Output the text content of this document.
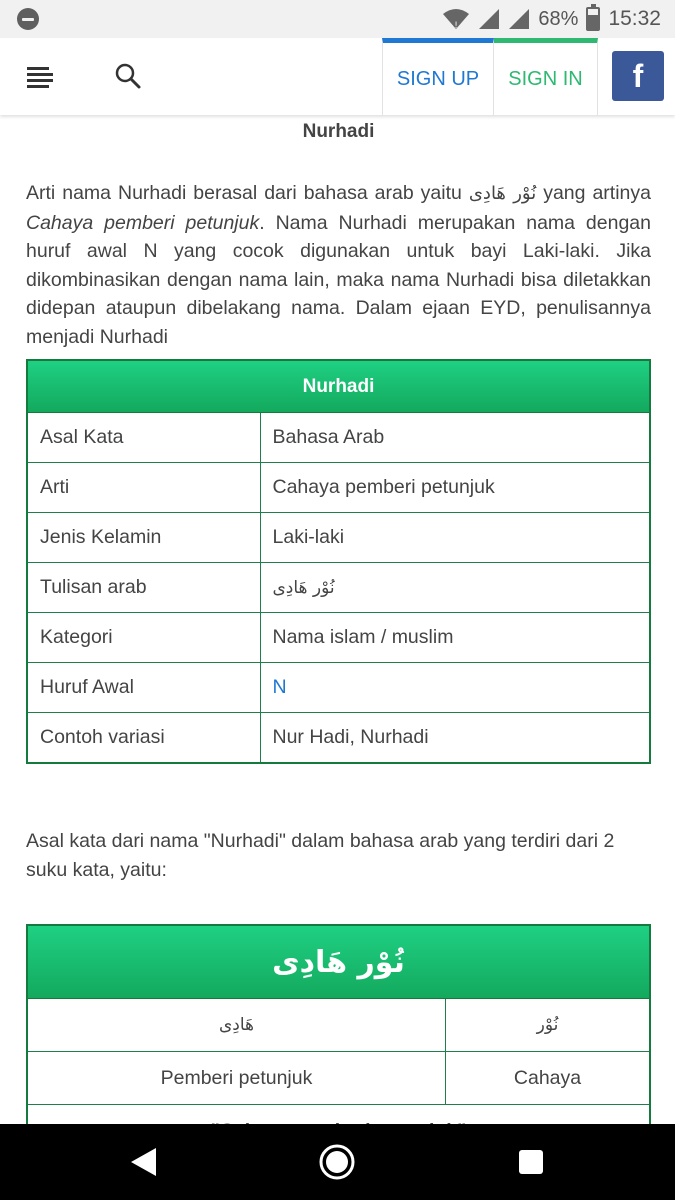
!	68% 15:32
SIGN UP	SIGN IN	f
Nurhadi
Arti nama Nurhadi berasal dari bahasa arab yaitu نُوْر هَادِى yang artinya Cahaya pemberi petunjuk. Nama Nurhadi merupakan nama dengan huruf awal N yang cocok digunakan untuk bayi Laki-laki. Jika dikombinasikan dengan nama lain, maka nama Nurhadi bisa diletakkan didepan ataupun dibelakang nama. Dalam ejaan EYD, penulisannya menjadi Nurhadi
Nurhadi	
Asal Kata	Bahasa Arab
Arti	Cahaya pemberi petunjuk
Jenis Kelamin	Laki-laki
Tulisan arab	نُوْر هَادِى
Kategori	Nama islam / muslim
Huruf Awal	N
Contoh variasi	Nur Hadi, Nurhadi
Asal kata dari nama "Nurhadi" dalam bahasa arab yang terdiri dari 2 suku kata, yaitu:
نُوْر هَادِى	
هَادِى	نُوْر
Pemberi petunjuk	Cahaya
